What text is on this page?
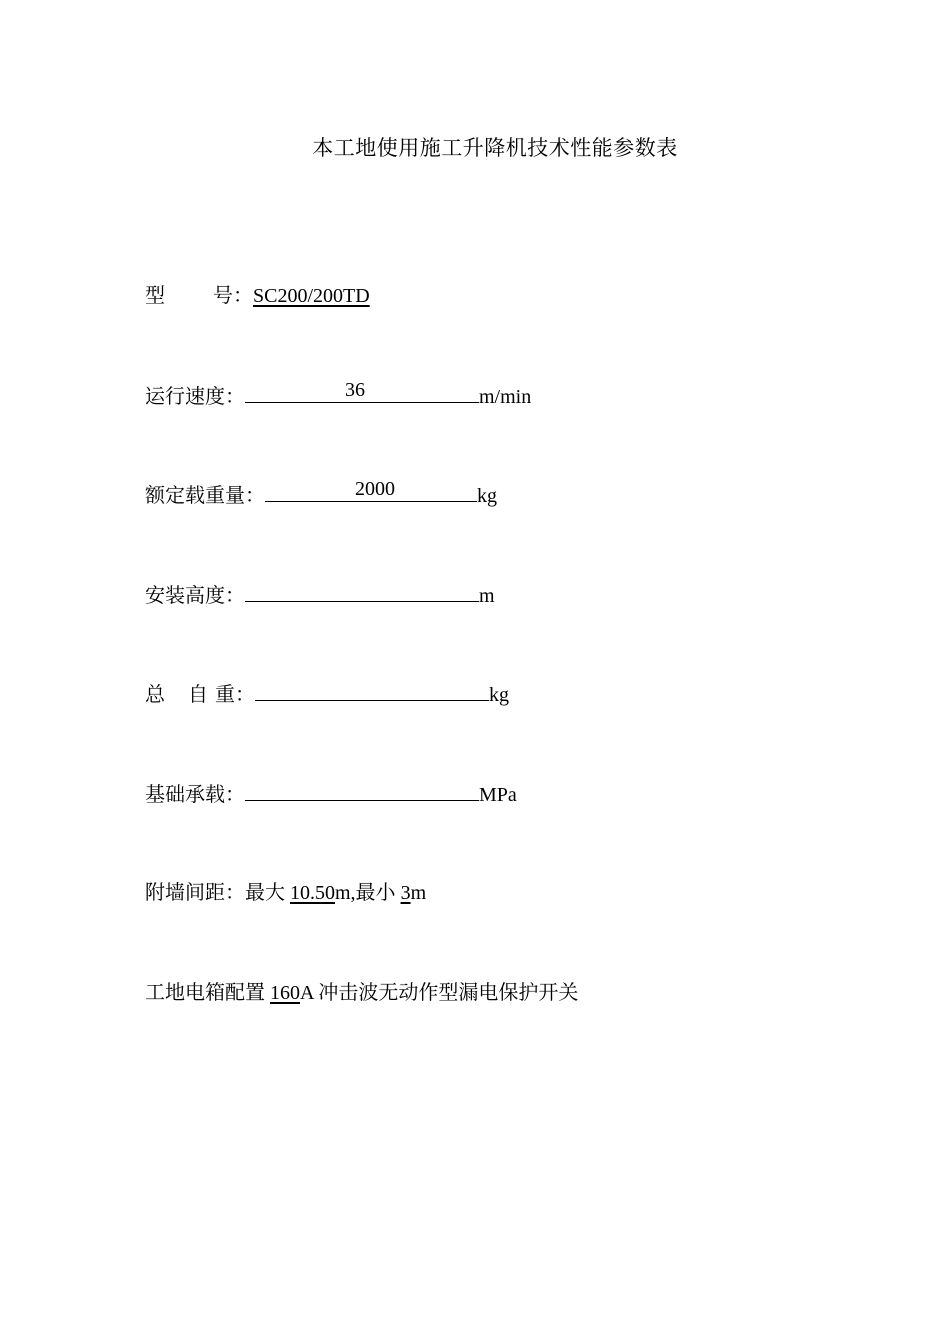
本工地使用施工升降机技术性能参数表
型 号：SC200/200TD
运行速度：	36	m/min
额定载重量：	2000	kg
安装高度：	m
总 自 重：	kg
基础承载：	MPa
附墙间距：最大 10.50m,最小 3m
工地电箱配置 160A 冲击波无动作型漏电保护开关
